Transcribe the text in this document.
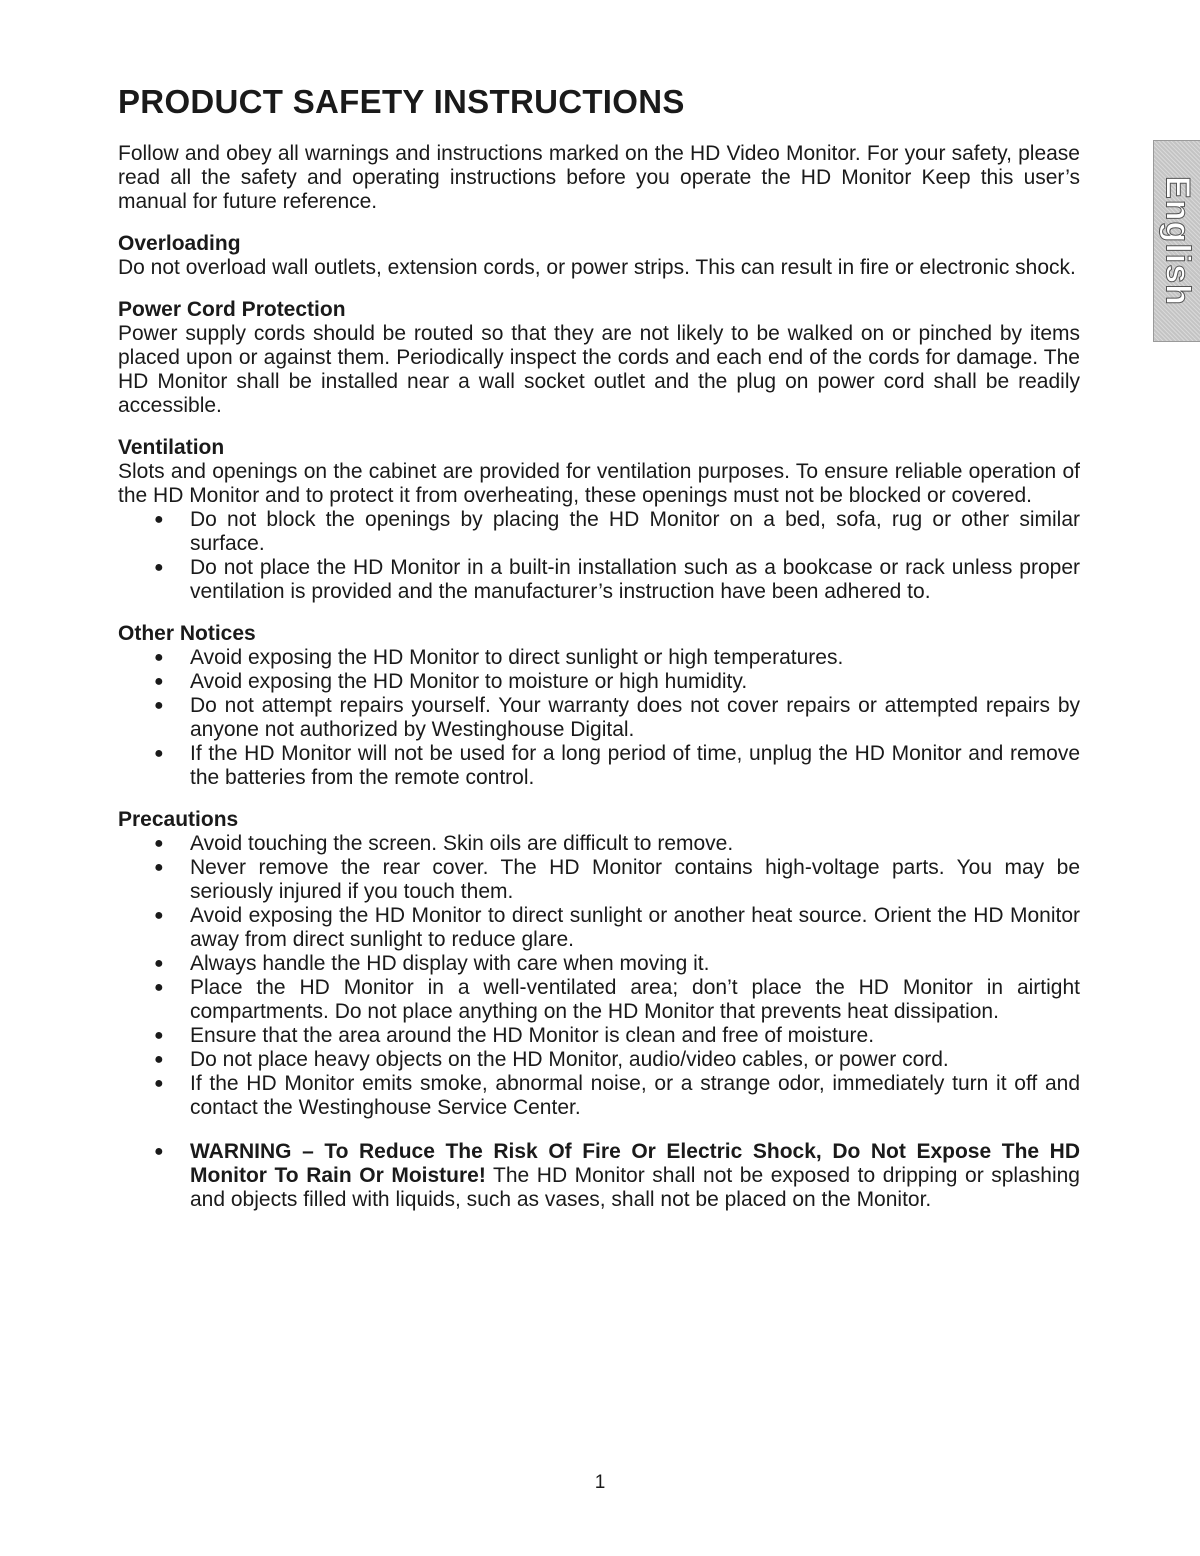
English
PRODUCT SAFETY INSTRUCTIONS

Follow and obey all warnings and instructions marked on the HD Video Monitor. For your safety, please read all the safety and operating instructions before you operate the HD Monitor Keep this user’s manual for future reference.

Overloading

Do not overload wall outlets, extension cords, or power strips. This can result in fire or electronic shock.

Power Cord Protection

Power supply cords should be routed so that they are not likely to be walked on or pinched by items placed upon or against them. Periodically inspect the cords and each end of the cords for damage. The HD Monitor shall be installed near a wall socket outlet and the plug on power cord shall be readily accessible.

Ventilation

Slots and openings on the cabinet are provided for ventilation purposes. To ensure reliable operation of the HD Monitor and to protect it from overheating, these openings must not be blocked or covered.

● Do not block the openings by placing the HD Monitor on a bed, sofa, rug or other similar surface.
● Do not place the HD Monitor in a built-in installation such as a bookcase or rack unless proper ventilation is provided and the manufacturer’s instruction have been adhered to.
Other Notices
● Avoid exposing the HD Monitor to direct sunlight or high temperatures.
● Avoid exposing the HD Monitor to moisture or high humidity.
● Do not attempt repairs yourself. Your warranty does not cover repairs or attempted repairs by anyone not authorized by Westinghouse Digital.
● If the HD Monitor will not be used for a long period of time, unplug the HD Monitor and remove the batteries from the remote control.
Precautions
● Avoid touching the screen. Skin oils are difficult to remove.
● Never remove the rear cover. The HD Monitor contains high-voltage parts. You may be seriously injured if you touch them.
● Avoid exposing the HD Monitor to direct sunlight or another heat source. Orient the HD Monitor away from direct sunlight to reduce glare.
● Always handle the HD display with care when moving it.
● Place the HD Monitor in a well-ventilated area; don’t place the HD Monitor in airtight compartments. Do not place anything on the HD Monitor that prevents heat dissipation.
● Ensure that the area around the HD Monitor is clean and free of moisture.
● Do not place heavy objects on the HD Monitor, audio/video cables, or power cord.
● If the HD Monitor emits smoke, abnormal noise, or a strange odor, immediately turn it off and contact the Westinghouse Service Center.
● WARNING – To Reduce The Risk Of Fire Or Electric Shock, Do Not Expose The HD Monitor To Rain Or Moisture! The HD Monitor shall not be exposed to dripping or splashing and objects filled with liquids, such as vases, shall not be placed on the Monitor.
1
